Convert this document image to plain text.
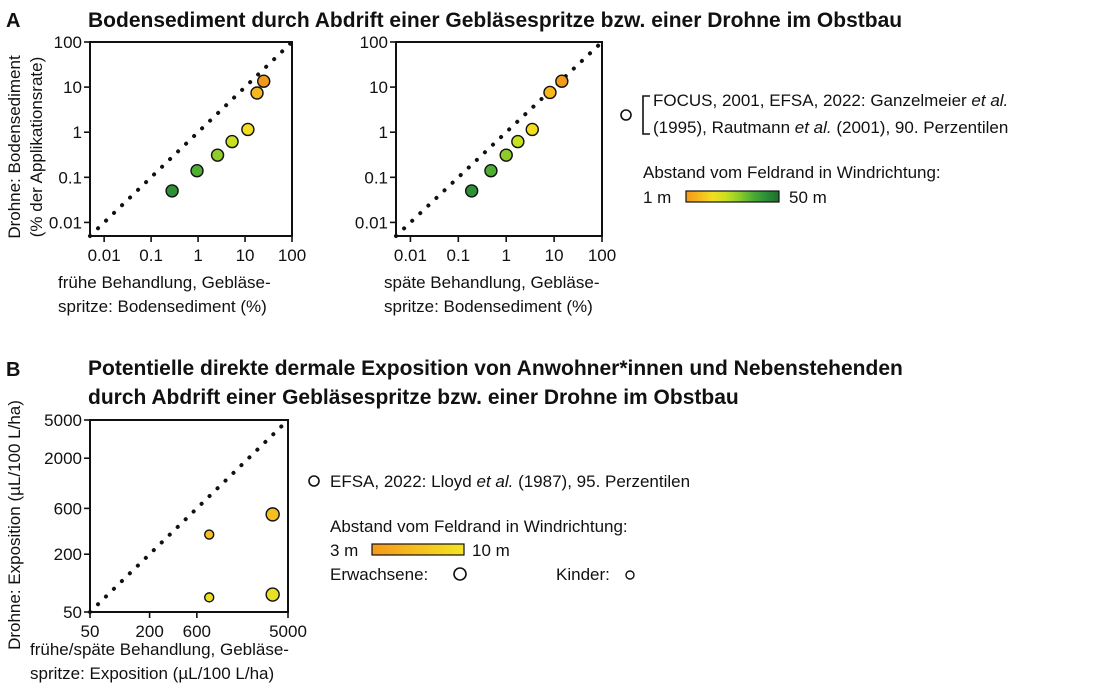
A	Bodensediment durch Abdrift einer Gebläsespritze bzw. einer Drohne im Obstbau
Drohne: Bodensediment (% der Applikationsrate)
0.01 0.1 1 10 100
0.01
0.1
1
10
100
frühe Behandlung, Gebläse-
spritze: Bodensediment (%)
0.01 0.1 1 10 100
0.01
0.1
1
10
100
späte Behandlung, Gebläse-
spritze: Bodensediment (%)
FOCUS, 2001, EFSA, 2022: Ganzelmeier et al.
(1995), Rautmann et al. (2001), 90. Perzentilen
Abstand vom Feldrand in Windrichtung:
1 m	50 m
B	Potentielle direkte dermale Exposition von Anwohner*innen und Nebenstehenden
durch Abdrift einer Gebläsespritze bzw. einer Drohne im Obstbau
Drohne: Exposition (µL/100 L/ha)	50 200 600	5000
50
200
600
2000
5000
frühe/späte Behandlung, Gebläse-
spritze: Exposition (µL/100 L/ha)
EFSA, 2022: Lloyd et al. (1987), 95. Perzentilen
Abstand vom Feldrand in Windrichtung:
3 m	10 m
Erwachsene:	Kinder:
